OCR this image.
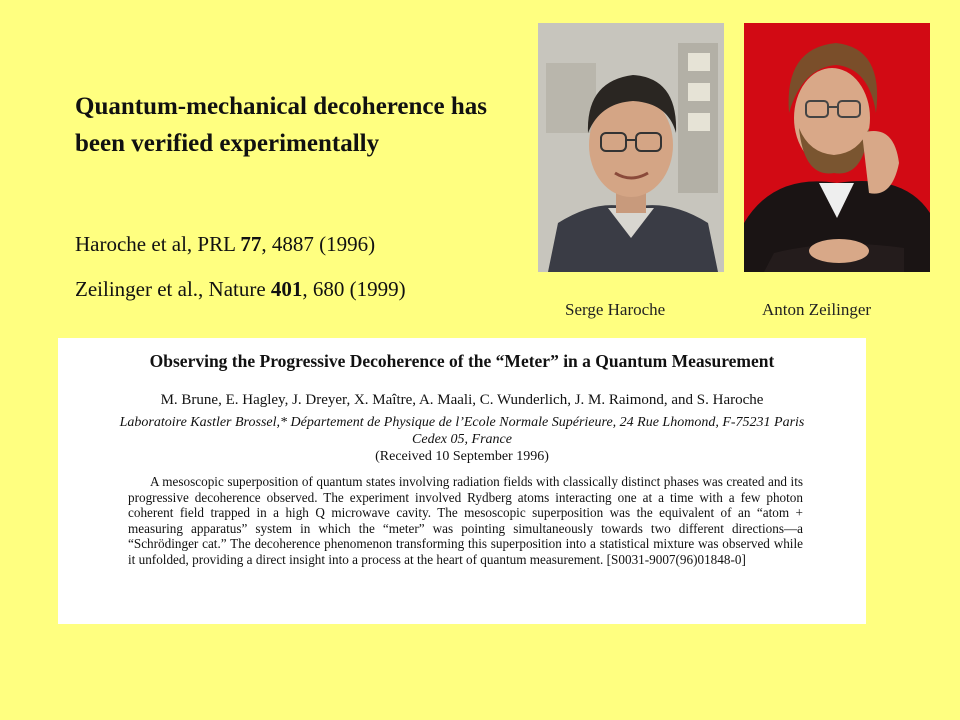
Quantum-mechanical decoherence has been verified experimentally
Haroche et al, PRL 77, 4887 (1996)
Zeilinger et al., Nature 401, 680 (1999)
Serge Haroche	Anton Zeilinger
Observing the Progressive Decoherence of the “Meter” in a Quantum Measurement
M. Brune, E. Hagley, J. Dreyer, X. Maître, A. Maali, C. Wunderlich, J. M. Raimond, and S. Haroche
Laboratoire Kastler Brossel,* Département de Physique de l’Ecole Normale Supérieure, 24 Rue Lhomond, F-75231 Paris Cedex 05, France
(Received 10 September 1996)
A mesoscopic superposition of quantum states involving radiation fields with classically distinct phases was created and its progressive decoherence observed. The experiment involved Rydberg atoms interacting one at a time with a few photon coherent field trapped in a high Q microwave cavity. The mesoscopic superposition was the equivalent of an “atom + measuring apparatus” system in which the “meter” was pointing simultaneously towards two different directions—a “Schrödinger cat.” The decoherence phenomenon transforming this superposition into a statistical mixture was observed while it unfolded, providing a direct insight into a process at the heart of quantum measurement. [S0031-9007(96)01848-0]
